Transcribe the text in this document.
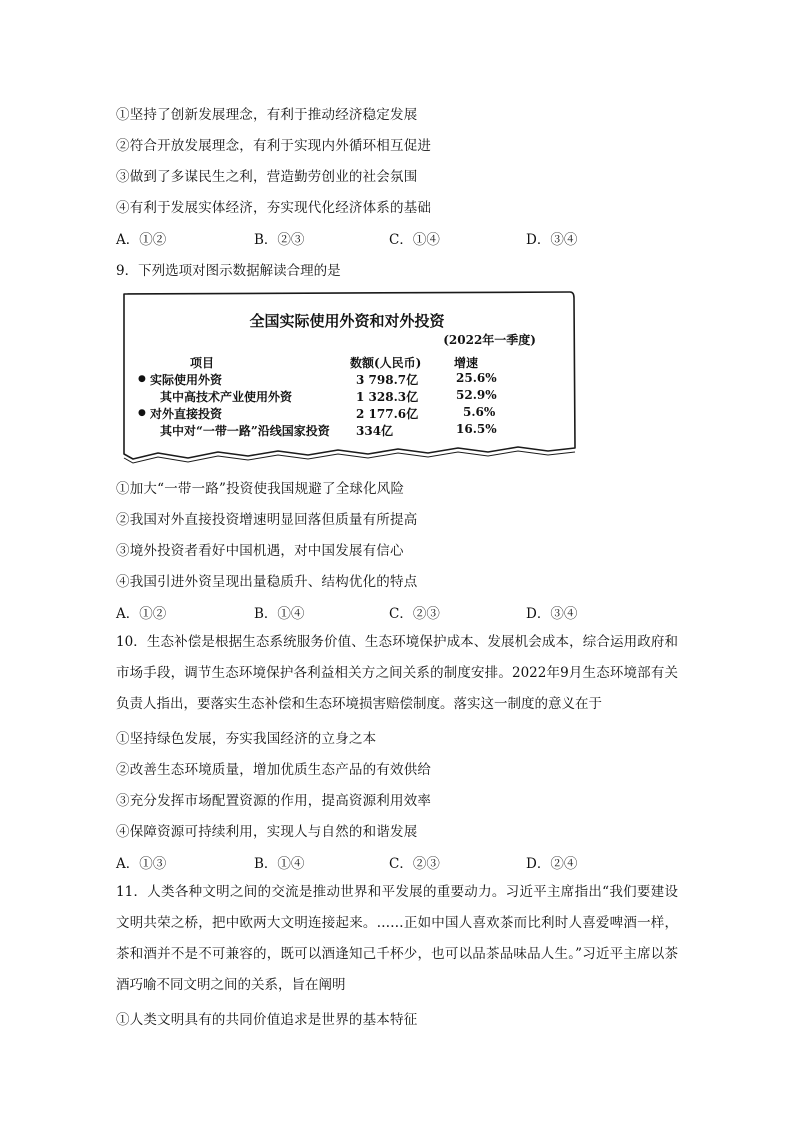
①坚持了创新发展理念，有利于推动经济稳定发展
②符合开放发展理念，有利于实现内外循环相互促进
③做到了多谋民生之利，营造勤劳创业的社会氛围
④有利于发展实体经济，夯实现代化经济体系的基础
A．①②	B．②③	C．①④	D．③④
9．下列选项对图示数据解读合理的是
全国实际使用外资和对外投资
(2022年一季度)
项目	数额(人民币)	增速
● 实际使用外资	3 798.7亿	25.6%
其中高技术产业使用外资	1 328.3亿	52.9%
● 对外直接投资	2 177.6亿	5.6%
其中对“一带一路”沿线国家投资 334亿	16.5%
①加大“一带一路”投资使我国规避了全球化风险
②我国对外直接投资增速明显回落但质量有所提高
③境外投资者看好中国机遇，对中国发展有信心
④我国引进外资呈现出量稳质升、结构优化的特点
A．①②	B．①④	C．②③	D．③④
10．生态补偿是根据生态系统服务价值、生态环境保护成本、发展机会成本，综合运用政府和市场手段，调节生态环境保护各利益相关方之间关系的制度安排。2022年9月生态环境部有关负责人指出，要落实生态补偿和生态环境损害赔偿制度。落实这一制度的意义在于
①坚持绿色发展，夯实我国经济的立身之本
②改善生态环境质量，增加优质生态产品的有效供给
③充分发挥市场配置资源的作用，提高资源利用效率
④保障资源可持续利用，实现人与自然的和谐发展
A．①③	B．①④	C．②③	D．②④
11．人类各种文明之间的交流是推动世界和平发展的重要动力。习近平主席指出“我们要建设文明共荣之桥，把中欧两大文明连接起来。……正如中国人喜欢茶而比利时人喜爱啤酒一样，茶和酒并不是不可兼容的，既可以酒逢知己千杯少，也可以品茶品味品人生。”习近平主席以茶酒巧喻不同文明之间的关系，旨在阐明
①人类文明具有的共同价值追求是世界的基本特征
